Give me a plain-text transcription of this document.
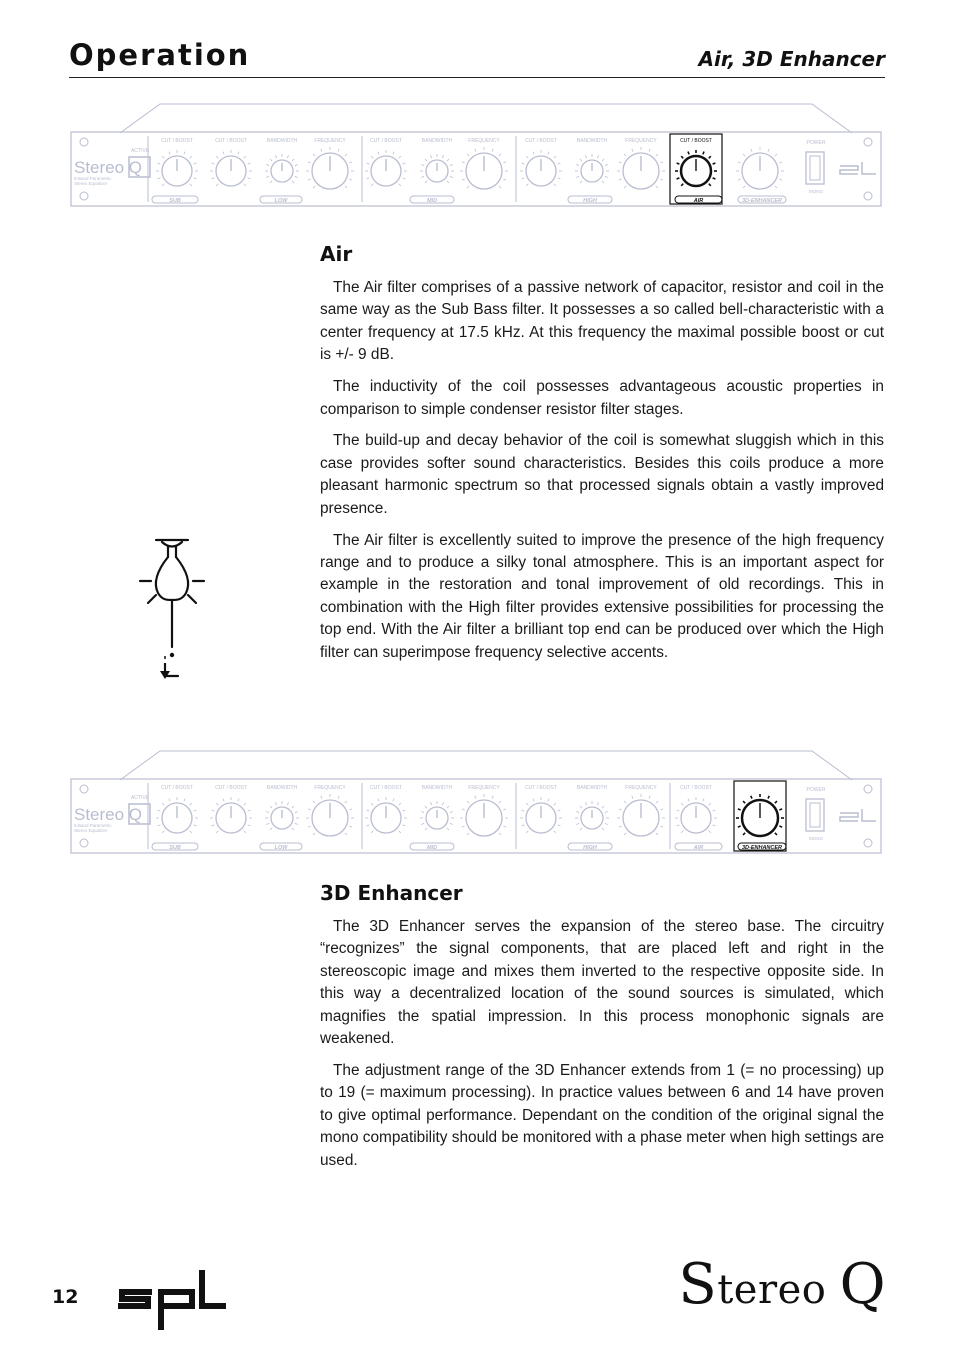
Operation	Air, 3D Enhancer
Stereo Q
5-Band Parametric
Stereo Equalizer
ACTIVE
CUT / BOOST	CUT / BOOST	BANDWIDTH	FREQUENCY	CUT / BOOST	BANDWIDTH	FREQUENCY	CUT / BOOST	BANDWIDTH	FREQUENCY	CUT / BOOST
SUB	LOW	MID	HIGH	AIR	3D-ENHANCER
POWER
MONO
Air

The Air filter comprises of a passive network of capacitor, resistor and coil in the same way as the Sub Bass filter. It possesses a so called bell-characteristic with a center frequency at 17.5 kHz. At this frequency the maximal possible boost or cut is +/- 9 dB.

The inductivity of the coil possesses advantageous acoustic properties in comparison to simple condenser resistor filter stages.

The build-up and decay behavior of the coil is somewhat sluggish which in this case provides softer sound characteristics. Besides this coils produce a more pleasant harmonic spectrum so that processed signals obtain a vastly improved presence.

The Air filter is excellently suited to improve the presence of the high frequency range and to produce a silky tonal atmosphere. This is an important aspect for example in the restoration and tonal improvement of old recordings. This in combination with the High filter provides extensive possibilities for processing the top end. With the Air filter a brilliant top end can be produced over which the High filter can superimpose frequency selective accents.

Stereo Q
5-Band Parametric
Stereo Equalizer
ACTIVE
CUT / BOOST	CUT / BOOST	BANDWIDTH	FREQUENCY	CUT / BOOST	BANDWIDTH	FREQUENCY	CUT / BOOST	BANDWIDTH	FREQUENCY	CUT / BOOST
SUB	LOW	MID	HIGH	AIR	3D-ENHANCER
POWER
MONO
3D Enhancer

The 3D Enhancer serves the expansion of the stereo base. The circuitry “recognizes” the signal components, that are placed left and right in the stereoscopic image and mixes them inverted to the respective opposite side. In this way a decentralized location of the sound sources is simulated, which magnifies the spatial impression. In this process monophonic signals are weakened.

The adjustment range of the 3D Enhancer extends from 1 (= no processing) up to 19 (= maximum processing). In practice values between 6 and 14 have proven to give optimal performance. Dependant on the condition of the original signal the mono compatibility should be monitored with a phase meter when high settings are used.

12	Stereo Q
